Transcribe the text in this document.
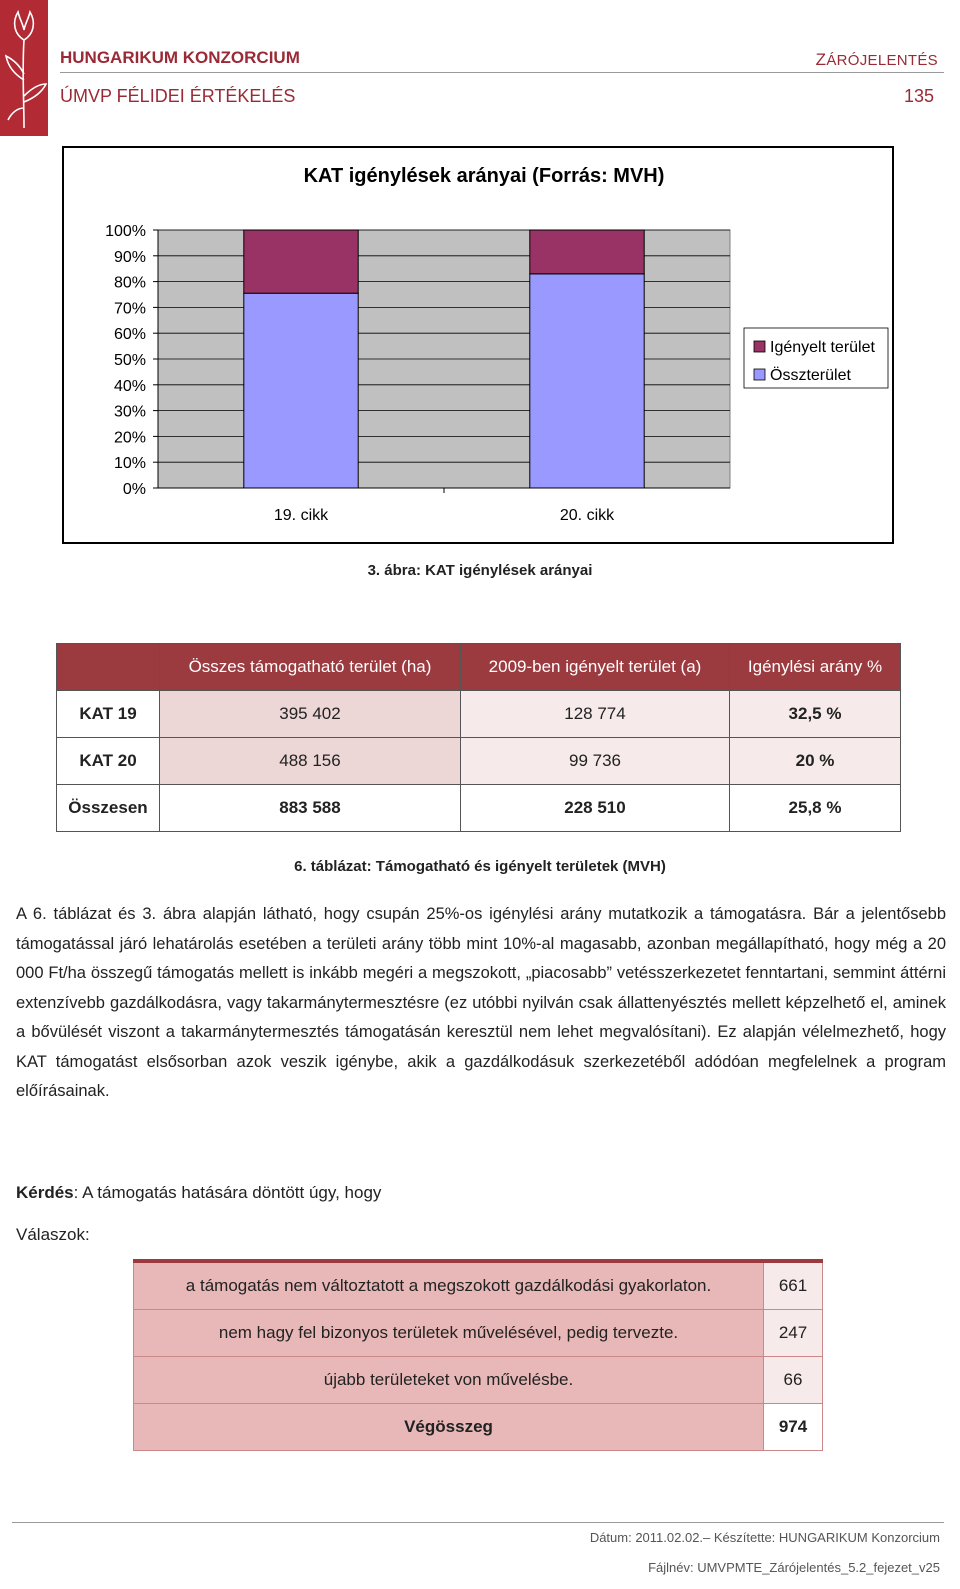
HUNGARIKUM KONZORCIUM	ZÁRÓJELENTÉS
ÚMVP FÉLIDEI ÉRTÉKELÉS	135
KAT igénylések arányai (Forrás: MVH)
0%
10%
20%
30%
40%
50%
60%
70%
80%
90%
100%
19. cikk	20. cikk
Igényelt terület
Összterület
3. ábra: KAT igénylések arányai
	Összes támogatható terület (ha)	2009-ben igényelt terület (a)	Igénylési arány %
KAT 19	395 402	128 774	32,5 %
KAT 20	488 156	99 736	20 %
Összesen	883 588	228 510	25,8 %
6. táblázat: Támogatható és igényelt területek (MVH)
A 6. táblázat és 3. ábra alapján látható, hogy csupán 25%-os igénylési arány mutatkozik a támogatásra. Bár a jelentősebb támogatással járó lehatárolás esetében a területi arány több mint 10%-al magasabb, azonban megállapítható, hogy még a 20 000 Ft/ha összegű támogatás mellett is inkább megéri a megszokott, „piacosabb” vetésszerkezetet fenntartani, semmint áttérni extenzívebb gazdálkodásra, vagy takarmánytermesztésre (ez utóbbi nyilván csak állattenyésztés mellett képzelhető el, aminek a bővülését viszont a takarmánytermesztés támogatásán keresztül nem lehet megvalósítani). Ez alapján vélelmezhető, hogy KAT támogatást elsősorban azok veszik igénybe, akik a gazdálkodásuk szerkezetéből adódóan megfelelnek a program előírásainak.
Kérdés: A támogatás hatására döntött úgy, hogy
Válaszok:
a támogatás nem változtatott a megszokott gazdálkodási gyakorlaton.	661
nem hagy fel bizonyos területek művelésével, pedig tervezte.	247
újabb területeket von művelésbe.	66
Végösszeg	974
Dátum: 2011.02.02.– Készítette: HUNGARIKUM Konzorcium
Fájlnév: UMVPMTE_Zárójelentés_5.2_fejezet_v25
